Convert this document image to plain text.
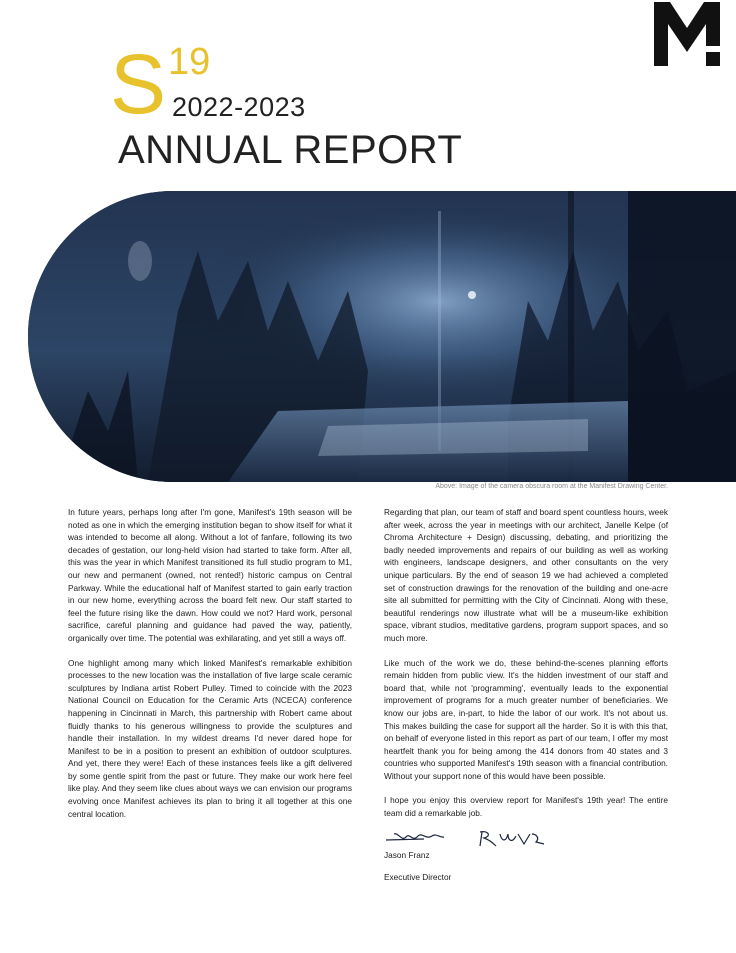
S 19
2022-2023
ANNUAL REPORT
Above: Image of the camera obscura room at the Manifest Drawing Center.

In future years, perhaps long after I'm gone, Manifest's 19th season will be noted as one in which the emerging institution began to show itself for what it was intended to become all along. Without a lot of fanfare, following its two decades of gestation, our long-held vision had started to take form. After all, this was the year in which Manifest transitioned its full studio program to M1, our new and permanent (owned, not rented!) historic campus on Central Parkway. While the educational half of Manifest started to gain early traction in our new home, everything across the board felt new. Our staff started to feel the future rising like the dawn. How could we not? Hard work, personal sacrifice, careful planning and guidance had paved the way, patiently, organically over time. The potential was exhilarating, and yet still a ways off.

One highlight among many which linked Manifest's remarkable exhibition processes to the new location was the installation of five large scale ceramic sculptures by Indiana artist Robert Pulley. Timed to coincide with the 2023 National Council on Education for the Ceramic Arts (NCECA) conference happening in Cincinnati in March, this partnership with Robert came about fluidly thanks to his generous willingness to provide the sculptures and handle their installation. In my wildest dreams I'd never dared hope for Manifest to be in a position to present an exhibition of outdoor sculptures. And yet, there they were! Each of these instances feels like a gift delivered by some gentle spirit from the past or future. They make our work here feel like play. And they seem like clues about ways we can envision our programs evolving once Manifest achieves its plan to bring it all together at this one central location.

Regarding that plan, our team of staff and board spent countless hours, week after week, across the year in meetings with our architect, Janelle Kelpe (of Chroma Architecture + Design) discussing, debating, and prioritizing the badly needed improvements and repairs of our building as well as working with engineers, landscape designers, and other consultants on the very unique particulars. By the end of season 19 we had achieved a completed set of construction drawings for the renovation of the building and one-acre site all submitted for permitting with the City of Cincinnati. Along with these, beautiful renderings now illustrate what will be a museum-like exhibition space, vibrant studios, meditative gardens, program support spaces, and so much more.

Like much of the work we do, these behind-the-scenes planning efforts remain hidden from public view. It's the hidden investment of our staff and board that, while not 'programming', eventually leads to the exponential improvement of programs for a much greater number of beneficiaries. We know our jobs are, in-part, to hide the labor of our work. It's not about us. This makes building the case for support all the harder. So it is with this that, on behalf of everyone listed in this report as part of our team, I offer my most heartfelt thank you for being among the 414 donors from 40 states and 3 countries who supported Manifest's 19th season with a financial contribution. Without your support none of this would have been possible.

I hope you enjoy this overview report for Manifest's 19th year! The entire team did a remarkable job.

Jason Franz

Executive Director
